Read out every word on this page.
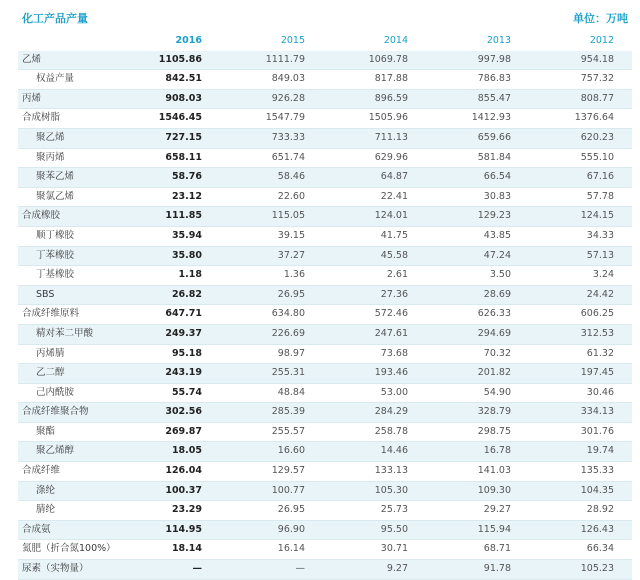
化工产品产量	单位：万吨
	2016	2015	2014	2013	2012
乙烯	1105.86	1111.79	1069.78	997.98	954.18
权益产量	842.51	849.03	817.88	786.83	757.32
丙烯	908.03	926.28	896.59	855.47	808.77
合成树脂	1546.45	1547.79	1505.96	1412.93	1376.64
聚乙烯	727.15	733.33	711.13	659.66	620.23
聚丙烯	658.11	651.74	629.96	581.84	555.10
聚苯乙烯	58.76	58.46	64.87	66.54	67.16
聚氯乙烯	23.12	22.60	22.41	30.83	57.78
合成橡胶	111.85	115.05	124.01	129.23	124.15
顺丁橡胶	35.94	39.15	41.75	43.85	34.33
丁苯橡胶	35.80	37.27	45.58	47.24	57.13
丁基橡胶	1.18	1.36	2.61	3.50	3.24
SBS	26.82	26.95	27.36	28.69	24.42
合成纤维原料	647.71	634.80	572.46	626.33	606.25
精对苯二甲酸	249.37	226.69	247.61	294.69	312.53
丙烯腈	95.18	98.97	73.68	70.32	61.32
乙二醇	243.19	255.31	193.46	201.82	197.45
己内酰胺	55.74	48.84	53.00	54.90	30.46
合成纤维聚合物	302.56	285.39	284.29	328.79	334.13
聚酯	269.87	255.57	258.78	298.75	301.76
聚乙烯醇	18.05	16.60	14.46	16.78	19.74
合成纤维	126.04	129.57	133.13	141.03	135.33
涤纶	100.37	100.77	105.30	109.30	104.35
腈纶	23.29	26.95	25.73	29.27	28.92
合成氨	114.95	96.90	95.50	115.94	126.43
氮肥（折合氮100%）	18.14	16.14	30.71	68.71	66.34
尿素（实物量）	—	—	9.27	91.78	105.23
